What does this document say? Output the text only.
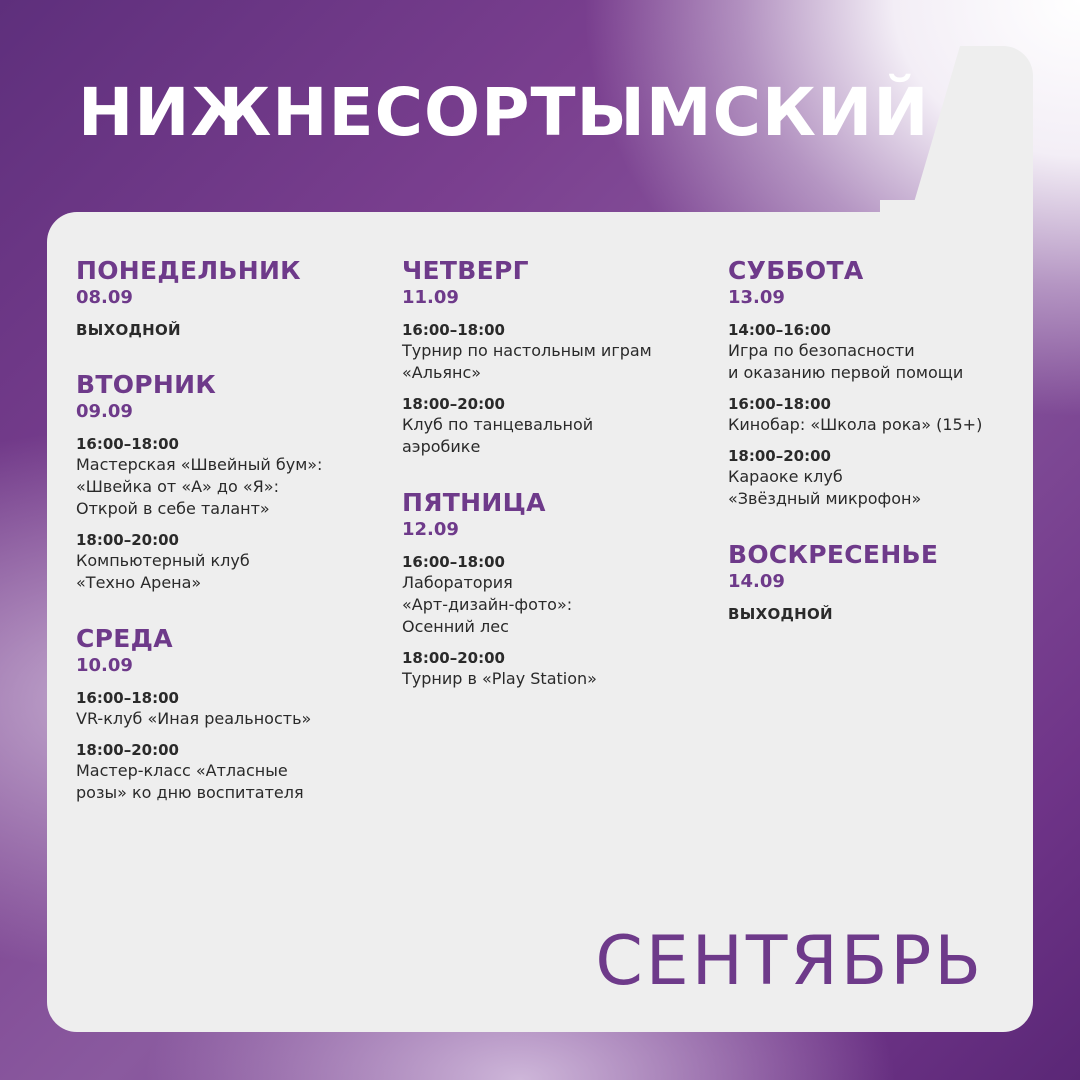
НИЖНЕСОРТЫМСКИЙ
ПОНЕДЕЛЬНИК
08.09
ВЫХОДНОЙ
ВТОРНИК
09.09
16:00–18:00
Мастерская «Швейный бум»:
«Швейка от «А» до «Я»:
Открой в себе талант»
18:00–20:00
Компьютерный клуб
«Техно Арена»
СРЕДА
10.09
16:00–18:00
VR-клуб «Иная реальность»
18:00–20:00
Мастер-класс «Атласные
розы» ко дню воспитателя
ЧЕТВЕРГ
11.09
16:00–18:00
Турнир по настольным играм
«Альянс»
18:00–20:00
Клуб по танцевальной
аэробике
ПЯТНИЦА
12.09
16:00–18:00
Лаборатория
«Арт-дизайн-фото»:
Осенний лес
18:00–20:00
Турнир в «Play Station»
СУББОТА
13.09
14:00–16:00
Игра по безопасности
и оказанию первой помощи
16:00–18:00
Кинобар: «Школа рока» (15+)
18:00–20:00
Караоке клуб
«Звёздный микрофон»
ВОСКРЕСЕНЬЕ
14.09
ВЫХОДНОЙ
СЕНТЯБРЬ
